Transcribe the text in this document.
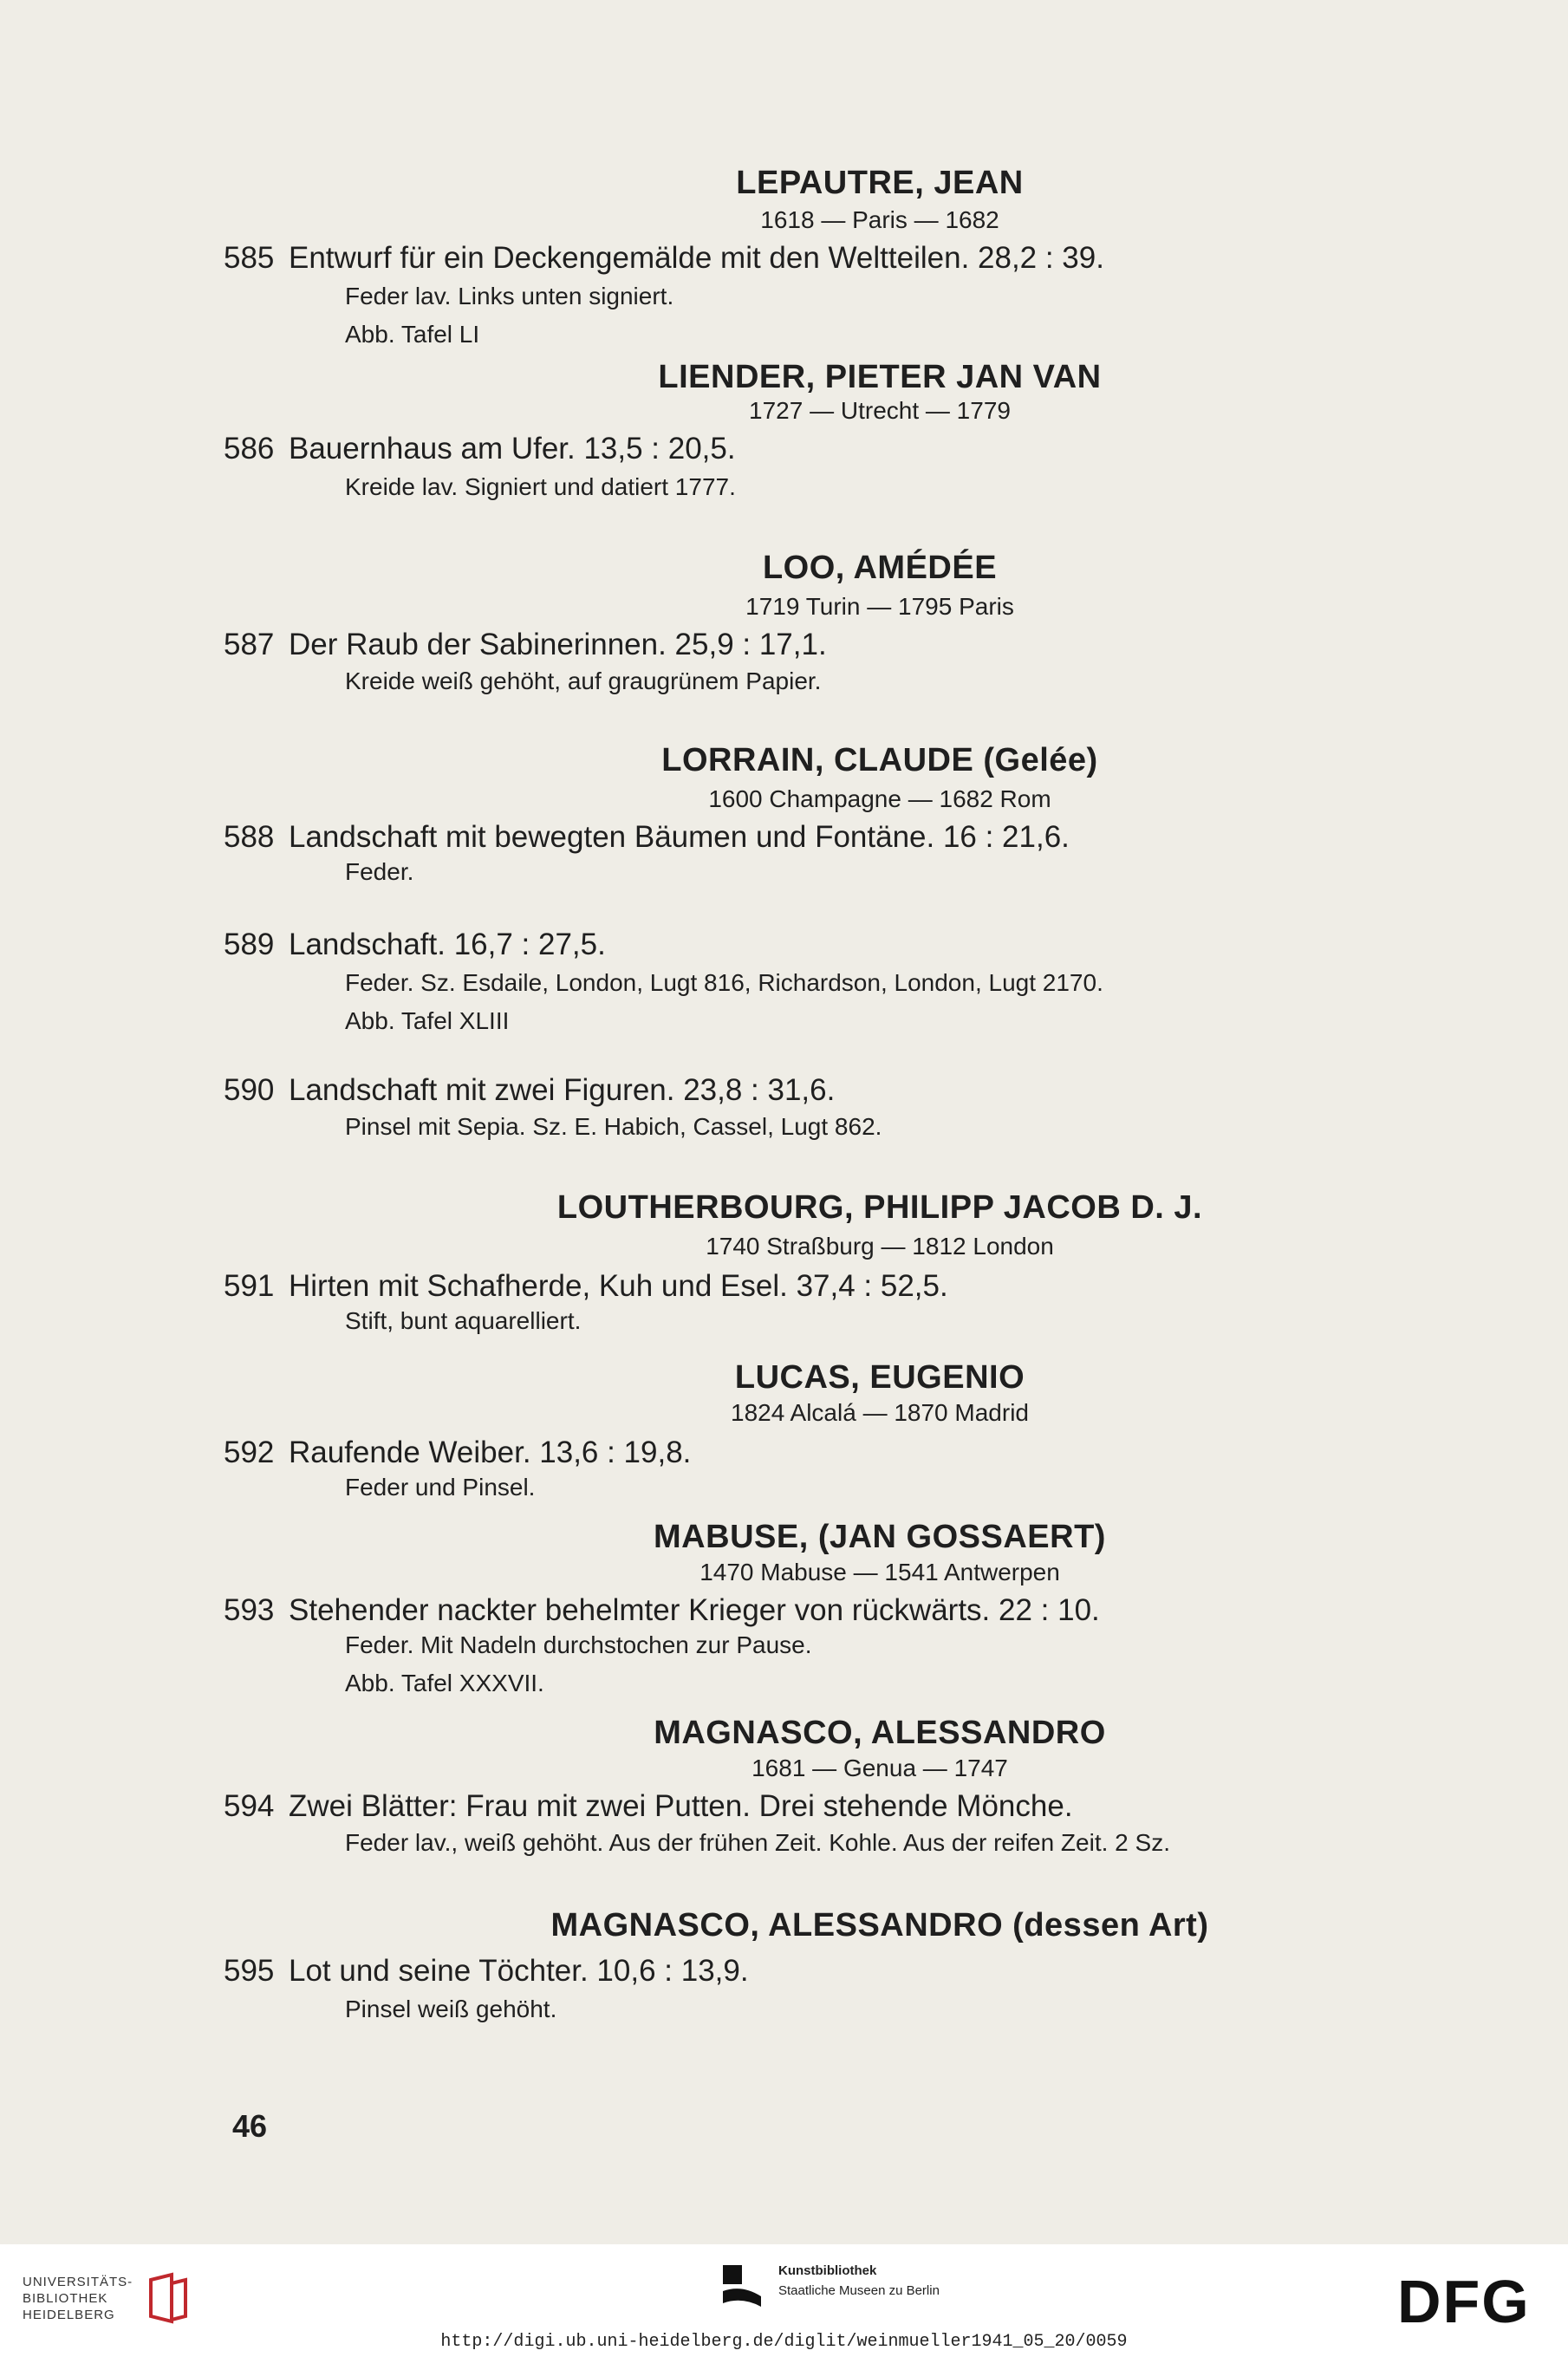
LEPAUTRE, JEAN
1618 — Paris — 1682
585 Entwurf für ein Deckengemälde mit den Weltteilen. 28,2 : 39.
Feder lav. Links unten signiert.
Abb. Tafel LI
LIENDER, PIETER JAN VAN
1727 — Utrecht — 1779
586 Bauernhaus am Ufer. 13,5 : 20,5.
Kreide lav. Signiert und datiert 1777.
LOO, AMÉDÉE
1719 Turin — 1795 Paris
587 Der Raub der Sabinerinnen. 25,9 : 17,1.
Kreide weiß gehöht, auf graugrünem Papier.
LORRAIN, CLAUDE (Gelée)
1600 Champagne — 1682 Rom
588 Landschaft mit bewegten Bäumen und Fontäne. 16 : 21,6.
Feder.
589 Landschaft. 16,7 : 27,5.
Feder. Sz. Esdaile, London, Lugt 816, Richardson, London, Lugt 2170.
Abb. Tafel XLIII
590 Landschaft mit zwei Figuren. 23,8 : 31,6.
Pinsel mit Sepia. Sz. E. Habich, Cassel, Lugt 862.
LOUTHERBOURG, PHILIPP JACOB D. J.
1740 Straßburg — 1812 London
591 Hirten mit Schafherde, Kuh und Esel. 37,4 : 52,5.
Stift, bunt aquarelliert.
LUCAS, EUGENIO
1824 Alcalá — 1870 Madrid
592 Raufende Weiber. 13,6 : 19,8.
Feder und Pinsel.
MABUSE, (JAN GOSSAERT)
1470 Mabuse — 1541 Antwerpen
593 Stehender nackter behelmter Krieger von rückwärts. 22 : 10.
Feder. Mit Nadeln durchstochen zur Pause.
Abb. Tafel XXXVII.
MAGNASCO, ALESSANDRO
1681 — Genua — 1747
594 Zwei Blätter: Frau mit zwei Putten. Drei stehende Mönche.
Feder lav., weiß gehöht. Aus der frühen Zeit. Kohle. Aus der reifen Zeit. 2 Sz.
MAGNASCO, ALESSANDRO (dessen Art)
595 Lot und seine Töchter. 10,6 : 13,9.
Pinsel weiß gehöht.
46
UNIVERSITÄTS-
BIBLIOTHEK
HEIDELBERG
Kunstbibliothek
Staatliche Museen zu Berlin	DFG
http://digi.ub.uni-heidelberg.de/diglit/weinmueller1941_05_20/0059
